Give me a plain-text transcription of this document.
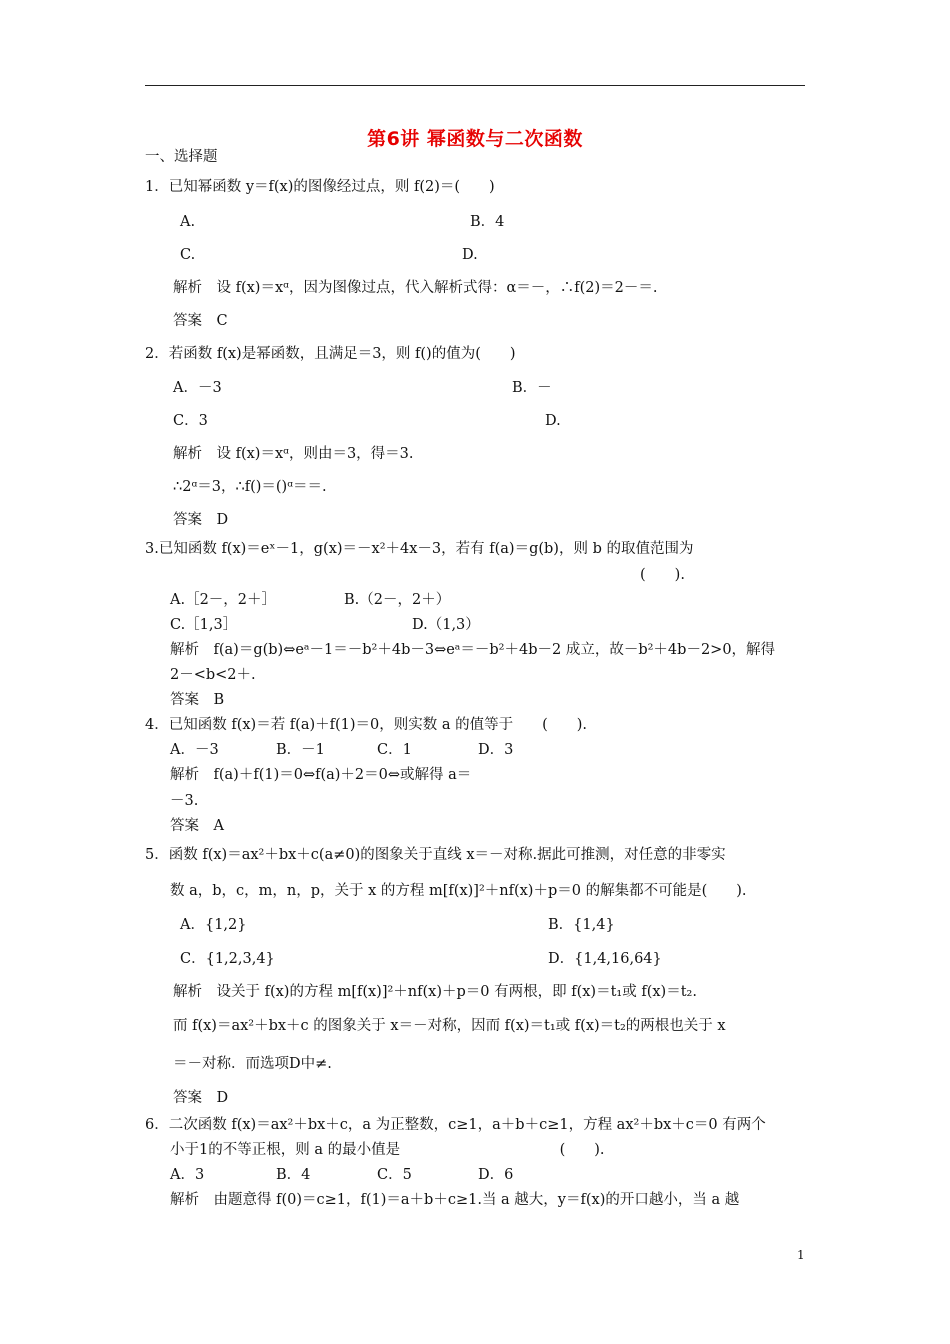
第6讲 幂函数与二次函数
一、选择题
1．已知幂函数 y＝f(x)的图像经过点，则 f(2)＝(　　)
A.	B．4
C.	D.
解析　设 f(x)＝xᵅ，因为图像过点，代入解析式得：α＝－，∴f(2)＝2－＝.
答案　C
2．若函数 f(x)是幂函数，且满足＝3，则 f()的值为(　　)
A．－3	B．－
C．3	D.
解析　设 f(x)＝xᵅ，则由＝3，得＝3.
∴2ᵅ＝3，∴f()＝()ᵅ＝＝.
答案　D
3.已知函数 f(x)＝eˣ－1，g(x)＝－x²＋4x－3，若有 f(a)＝g(b)，则 b 的取值范围为
(　　).
A.［2－，2＋］	B.（2－，2＋）
C.［1,3］	D.（1,3）
解析　f(a)＝g(b)⇔eᵃ－1＝－b²＋4b－3⇔eᵃ＝－b²＋4b－2 成立，故－b²＋4b－2>0，解得
2－<b<2＋.
答案　B
4．已知函数 f(x)＝若 f(a)＋f(1)＝0，则实数 a 的值等于　　(　　).
A．－3	B．－1	C．1	D．3
解析　f(a)＋f(1)＝0⇔f(a)＋2＝0⇔或解得 a＝
－3.
答案　A
5．函数 f(x)＝ax²＋bx＋c(a≠0)的图象关于直线 x＝－对称.据此可推测，对任意的非零实
数 a，b，c，m，n，p，关于 x 的方程 m[f(x)]²＋nf(x)＋p＝0 的解集都不可能是(　　).
A．{1,2}	B．{1,4}
C．{1,2,3,4}	D．{1,4,16,64}
解析　设关于 f(x)的方程 m[f(x)]²＋nf(x)＋p＝0 有两根，即 f(x)＝t₁或 f(x)＝t₂.
而 f(x)＝ax²＋bx＋c 的图象关于 x＝－对称，因而 f(x)＝t₁或 f(x)＝t₂的两根也关于 x
＝－对称．而选项D中≠.
答案　D
6．二次函数 f(x)＝ax²＋bx＋c，a 为正整数，c≥1，a＋b＋c≥1，方程 ax²＋bx＋c＝0 有两个
小于1的不等正根，则 a 的最小值是　　　　　　　　　　　(　　).
A．3	B．4	C．5	D．6
解析　由题意得 f(0)＝c≥1，f(1)＝a＋b＋c≥1.当 a 越大，y＝f(x)的开口越小，当 a 越
1
